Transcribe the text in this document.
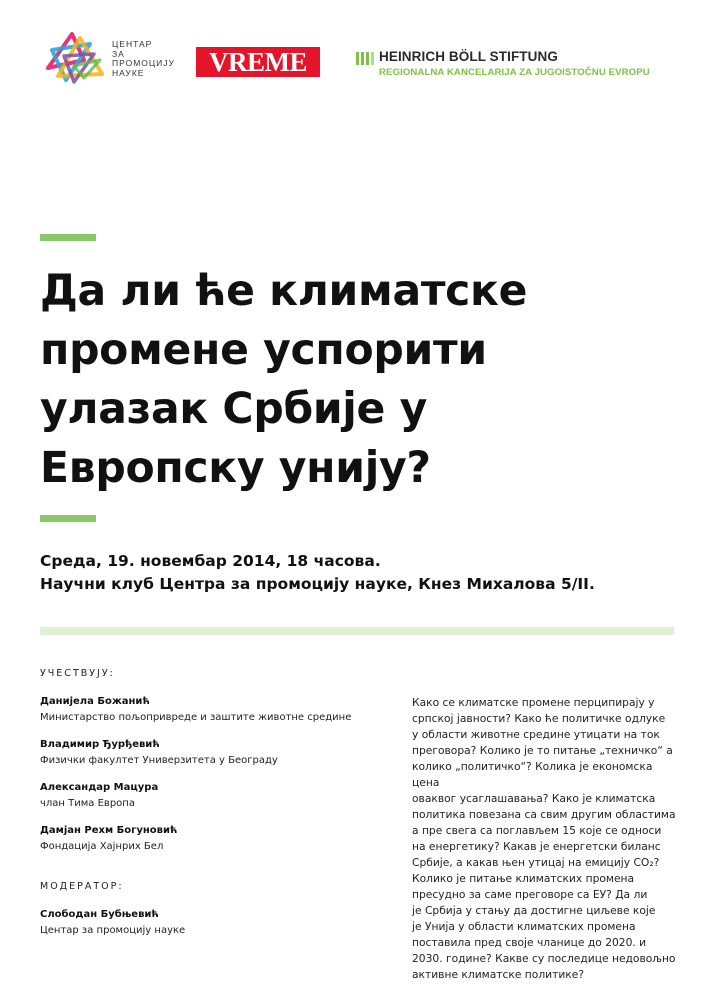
ЦЕНТАР
ЗА
ПРОМОЦИЈУ
НАУКЕ	VREME	HEINRICH BÖLL STIFTUNG
REGIONALNA KANCELARIJA ZA JUGOISTOČNU EVROPU
Да ли ће климатске
промене успорити
улазак Србије у
Европску унију?
Среда, 19. новембар 2014, 18 часова.
Научни клуб Центра за промоцију науке, Кнез Михалова 5/II.
УЧЕСТВУЈУ:
Данијела Божанић
Министарство пољопривреде и заштите животне средине
Владимир Ђурђевић
Физички факултет Универзитета у Београду
Александар Мацура
члан Тима Европа
Дамјан Рехм Богуновић
Фондација Хајнрих Бел
МОДЕРАТОР:
Слободан Бубњевић
Центар за промоцију науке
Како се климатске промене перципирају у
српској јавности? Како ће политичке одлуке
у области животне средине утицати на ток
преговора? Колико је то питање „техничко“ а
колико „политичко“? Колика је економска цена
оваквог усаглашавања? Како је климатска
политика повезана са свим другим областима
а пре свега са поглављем 15 које се односи
на енергетику? Какав је енергетски биланс
Србије, а какав њен утицај на емицију CO₂?
Колико је питање климатских промена
пресудно за саме преговоре са ЕУ? Да ли
је Србија у стању да достигне циљеве које
је Унија у области климатских промена
поставила пред своје чланице до 2020. и
2030. године? Какве су последице недовољно
активне климатске политике?
